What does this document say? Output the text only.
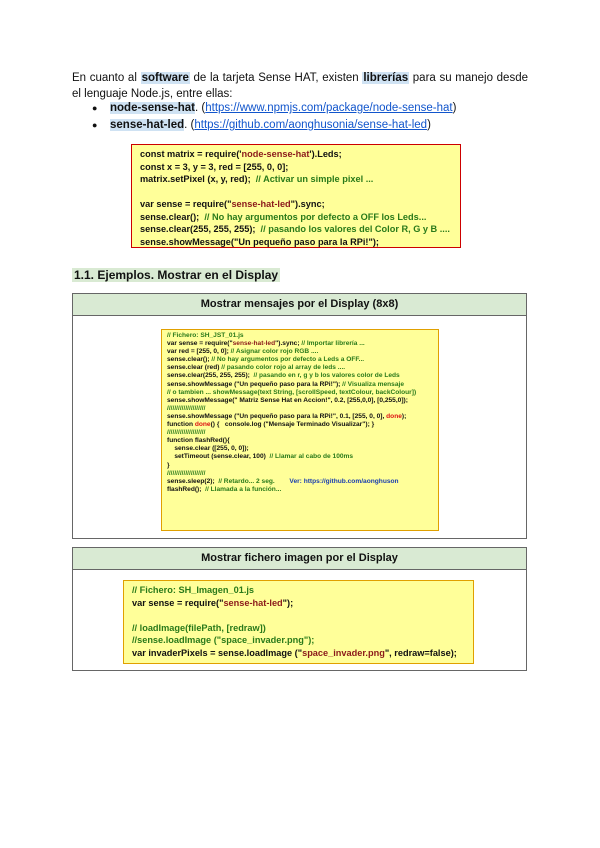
En cuanto al software de la tarjeta Sense HAT, existen librerías para su manejo desde el lenguaje Node.js, entre ellas:
● node-sense-hat. (https://www.npmjs.com/package/node-sense-hat)
● sense-hat-led. (https://github.com/aonghusonia/sense-hat-led)
const matrix = require('node-sense-hat').Leds;
const x = 3, y = 3, red = [255, 0, 0];
matrix.setPixel (x, y, red);  // Activar un simple pixel ...

var sense = require("sense-hat-led").sync;
sense.clear();  // No hay argumentos por defecto a OFF los Leds...
sense.clear(255, 255, 255);  // pasando los valores del Color R, G y B ....
sense.showMessage("Un pequeño paso para la RPi!");
1.1. Ejemplos. Mostrar en el Display
Mostrar mensajes por el Display (8x8)
// Fichero: SH_JST_01.js
var sense = require("sense-hat-led").sync; // Importar librería ...
var red = [255, 0, 0]; // Asignar color rojo RGB ....
sense.clear(); // No hay argumentos por defecto a Leds a OFF...
sense.clear (red) // pasando color rojo al array de leds ....
sense.clear(255, 255, 255);  // pasando en r, g y b los valores color de Leds
sense.showMessage ("Un pequeño paso para la RPi!"); // Visualiza mensaje
// o tambien ... showMessage(text String, [scrollSpeed, textColour, backColour])
sense.showMessage(" Matriz Sense Hat en Accion!", 0.2, [255,0,0], [0,255,0]);
/////////////////////
sense.showMessage ("Un pequeño paso para la RPi!", 0.1, [255, 0, 0], done);
function done() {   console.log ("Mensaje Terminado Visualizar"); }
/////////////////////
function flashRed(){
sense.clear ([255, 0, 0]);
setTimeout (sense.clear, 100)  // Llamar al cabo de 100ms
}
/////////////////////
sense.sleep(2);  // Retardo... 2 seg. Ver: https://github.com/aonghuson
flashRed();  // Llamada a la función...
Mostrar fichero imagen por el Display
// Fichero: SH_Imagen_01.js
var sense = require("sense-hat-led");

// loadImage(filePath, [redraw])
//sense.loadImage ("space_invader.png");
var invaderPixels = sense.loadImage ("space_invader.png", redraw=false);
